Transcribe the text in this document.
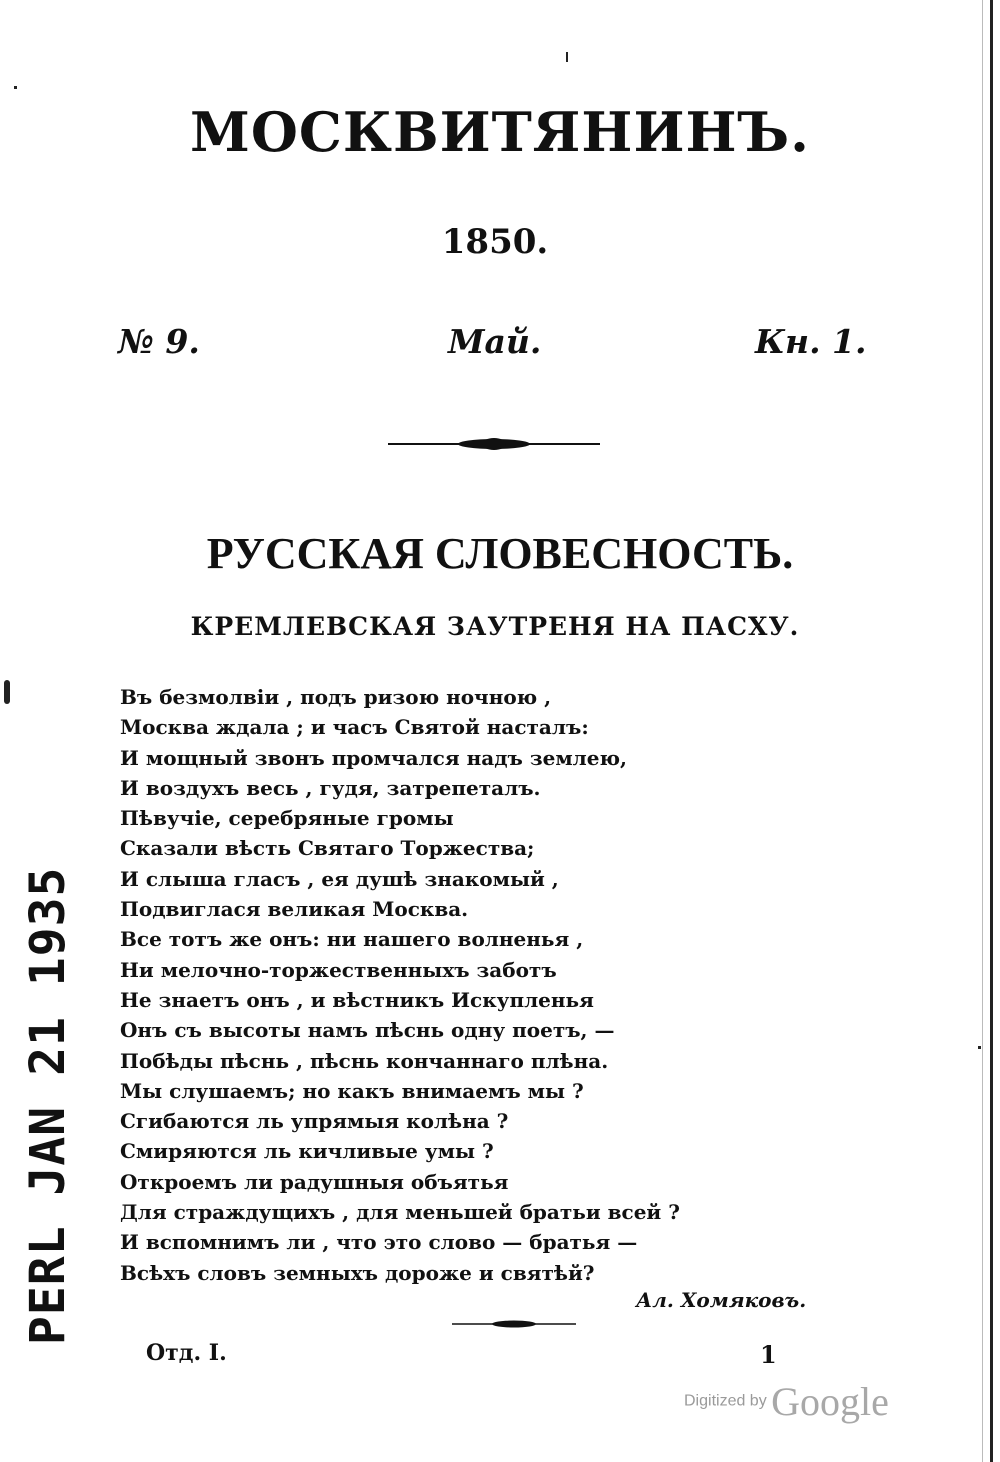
МОСКВИТЯНИНЪ.
1850.
№ 9.	Май.	Кн. 1.
РУССКАЯ СЛОВЕСНОСТЬ.
КРЕМЛЕВСКАЯ ЗАУТРЕНЯ НА ПАСХУ.
Въ безмолвіи , подъ ризою ночною ,
Москва ждала ; и часъ Святой насталъ:
И мощный звонъ промчался надъ землею,
И воздухъ весь , гудя, затрепеталъ.
Пѣвучіе, серебряные громы
Сказали вѣсть Святаго Торжества;
И слыша гласъ , ея душѣ знакомый ,
Подвиглася великая Москва.
Все тотъ же онъ: ни нашего волненья ,
Ни мелочно-торжественныхъ заботъ
Не знаетъ онъ , и вѣстникъ Искупленья
Онъ съ высоты намъ пѣснь одну поетъ, —
Побѣды пѣснь , пѣснь кончаннаго плѣна.
Мы слушаемъ; но какъ внимаемъ мы ?
Сгибаются ль упрямыя колѣна ?
Смиряются ль кичливые умы ?
Откроемъ ли радушныя объятья
Для страждущихъ , для меньшей братьи всей ?
И вспомнимъ ли , что это слово — братья —
Всѣхъ словъ земныхъ дороже и святѣй?
Ал. Хомяковъ.
Отд. I.	1
PERL JAN 21 1935
Digitized by Google
